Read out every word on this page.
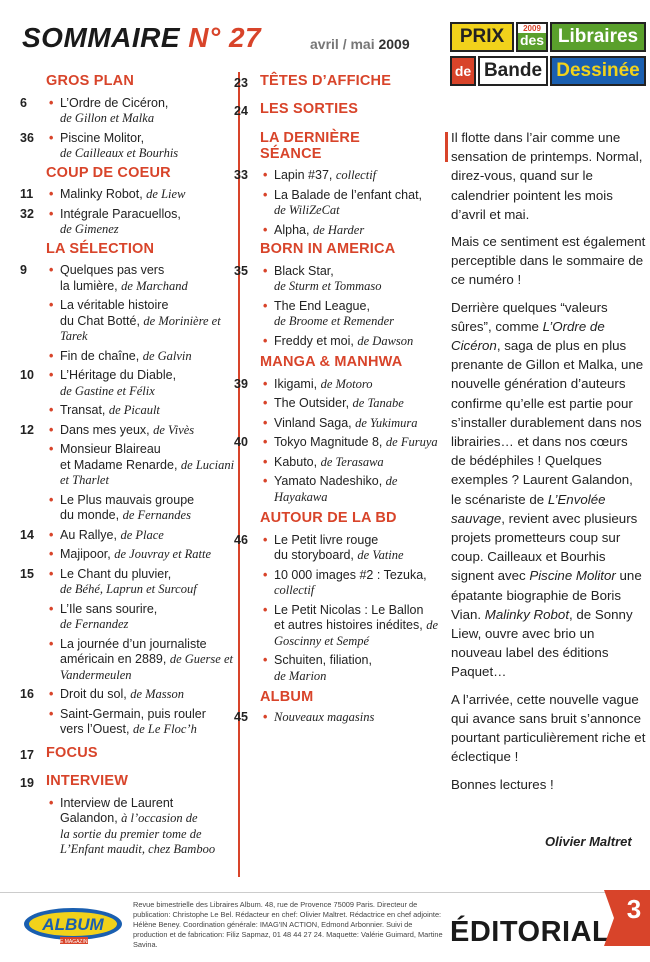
SOMMAIRE N° 27	avril / mai 2009	PRIX	2009
des Libraires
de Bande Dessinée
GROS PLAN
6 • L’Ordre de Cicéron,
de Gillon et Malka
36 • Piscine Molitor,
de Cailleaux et Bourhis
COUP DE COEUR
11 • Malinky Robot, de Liew
32 • Intégrale Paracuellos,
de Gimenez
LA SÉLECTION
9 • Quelques pas vers
la lumière, de Marchand
• La véritable histoire
du Chat Botté, de Morinière et Tarek
• Fin de chaîne, de Galvin
10 • L’Héritage du Diable,
de Gastine et Félix
• Transat, de Picault
12 • Dans mes yeux, de Vivès
• Monsieur Blaireau
et Madame Renarde, de Luciani et Tharlet
• Le Plus mauvais groupe
du monde, de Fernandes
14 • Au Rallye, de Place
• Majipoor, de Jouvray et Ratte
15 • Le Chant du pluvier,
de Béhé, Laprun et Surcouf
• L’Ile sans sourire,
de Fernandez
• La journée d’un journaliste
américain en 2889, de Guerse et Vandermeulen
16 • Droit du sol, de Masson
• Saint-Germain, puis rouler
vers l’Ouest, de Le Floc’h
17 FOCUS
19 INTERVIEW
• Interview de Laurent
Galandon, à l’occasion de
la sortie du premier tome de
L’Enfant maudit, chez Bamboo
23 TÊTES D’AFFICHE
24 LES SORTIES
LA DERNIÈRE
SÉANCE
33 • Lapin #37, collectif
• La Balade de l’enfant chat,
de WiliZeCat
• Alpha, de Harder
BORN IN AMERICA
35 • Black Star,
de Sturm et Tommaso
• The End League,
de Broome et Remender
• Freddy et moi, de Dawson
MANGA & MANHWA
39 • Ikigami, de Motoro
• The Outsider, de Tanabe
• Vinland Saga, de Yukimura
40 • Tokyo Magnitude 8, de Furuya
• Kabuto, de Terasawa
• Yamato Nadeshiko, de Hayakawa
AUTOUR DE LA BD
46 • Le Petit livre rouge
du storyboard, de Vatine
• 10 000 images #2 : Tezuka,
collectif
• Le Petit Nicolas : Le Ballon
et autres histoires inédites, de Goscinny et Sempé
• Schuiten, filiation,
de Marion
ALBUM
45 • Nouveaux magasins

Il flotte dans l’air comme une sensation de printemps. Normal, direz-vous, quand sur le calendrier pointent les mois d’avril et mai.

Mais ce sentiment est également perceptible dans le sommaire de ce numéro !

Derrière quelques “valeurs sûres”, comme L’Ordre de Cicéron, saga de plus en plus prenante de Gillon et Malka, une nouvelle génération d’auteurs confirme qu’elle est partie pour s’installer durablement dans nos librairies… et dans nos cœurs de bédéphiles ! Quelques exemples ? Laurent Galandon, le scénariste de L’Envolée sauvage, revient avec plusieurs projets prometteurs coup sur coup. Cailleaux et Bourhis signent avec Piscine Molitor une épatante biographie de Boris Vian. Malinky Robot, de Sonny Liew, ouvre avec brio un nouveau label des éditions Paquet…

A l’arrivée, cette nouvelle vague qui avance sans bruit s’annonce pourtant particulièrement riche et éclectique !

Bonnes lectures !

Olivier Maltret
ALBUM
LE MAGAZINE
Revue bimestrielle des Libraires Album. 48, rue de Provence 75009 Paris. Directeur de publication: Christophe Le Bel. Rédacteur en chef: Olivier Maltret. Rédactrice en chef adjointe: Hélène Beney. Coordination générale: IMAG'IN ACTION, Edmond Arbonnier. Suivi de production et de fabrication: Filiz Sapmaz, 01 48 44 27 24. Maquette: Valérie Guimard, Martine Savina.	ÉDITORIAL
3
